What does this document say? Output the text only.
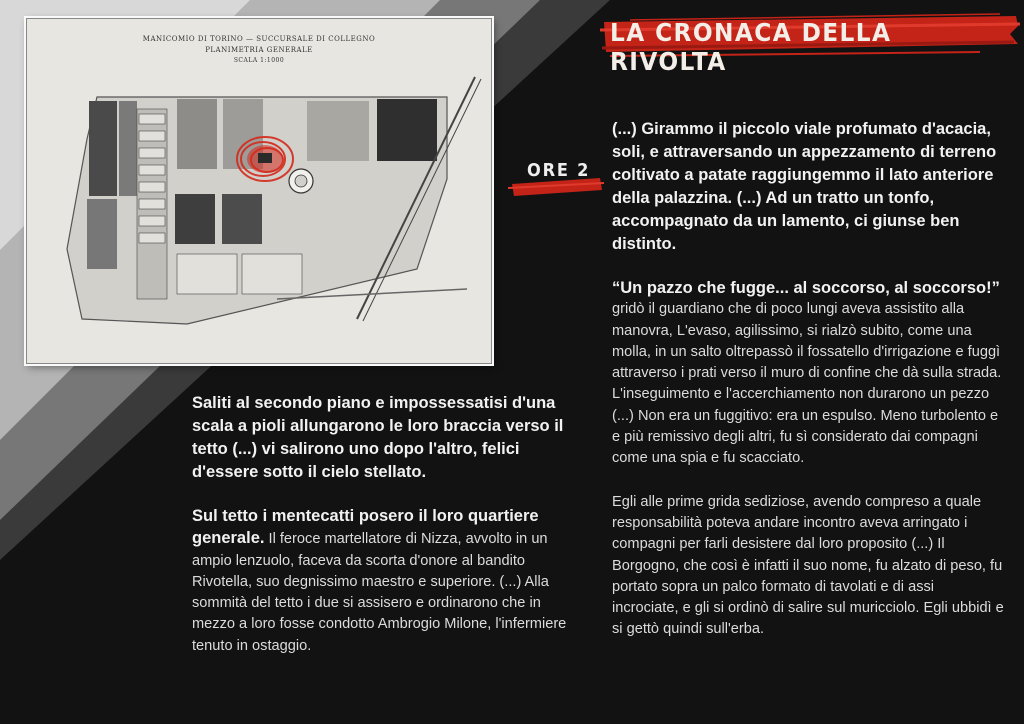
MANICOMIO DI TORINO — SUCCURSALE DI COLLEGNO
PLANIMETRIA GENERALE
SCALA 1:1000
LA CRONACA DELLA RIVOLTA
ORE 2

(...) Girammo il piccolo viale profumato d'acacia, soli, e attraversando un appezzamento di terreno coltivato a patate raggiungemmo il lato anteriore della palazzina. (...) Ad un tratto un tonfo, accompagnato da un lamento, ci giunse ben distinto.

“Un pazzo che fugge... al soccorso, al soccorso!”
gridò il guardiano che di poco lungi aveva assistito alla manovra, L'evaso, agilissimo, si rialzò subito, come una molla, in un salto oltrepassò il fossatello d'irrigazione e fuggì attraverso i prati verso il muro di confine che dà sulla strada. L'inseguimento e l'accerchiamento non durarono un pezzo (...) Non era un fuggitivo: era un espulso. Meno turbolento e e più remissivo degli altri, fu sì considerato dai compagni come una spia e fu scacciato.

Egli alle prime grida sediziose, avendo compreso a quale responsabilità poteva andare incontro aveva arringato i compagni per farli desistere dal loro proposito (...) Il Borgogno, che così è infatti il suo nome, fu alzato di peso, fu portato sopra un palco formato di tavolati e di assi incrociate, e gli si ordinò di salire sul muricciolo. Egli ubbidì e si gettò quindi sull'erba.

Saliti al secondo piano e impossessatisi d'una scala a pioli allungarono le loro braccia verso il tetto (...) vi salirono uno dopo l'altro, felici d'essere sotto il cielo stellato.

Sul tetto i mentecatti posero il loro quartiere generale. Il feroce martellatore di Nizza, avvolto in un ampio lenzuolo, faceva da scorta d'onore al bandito Rivotella, suo degnissimo maestro e superiore. (...) Alla sommità del tetto i due si assisero e ordinarono che in mezzo a loro fosse condotto Ambrogio Milone, l'infermiere tenuto in ostaggio.
